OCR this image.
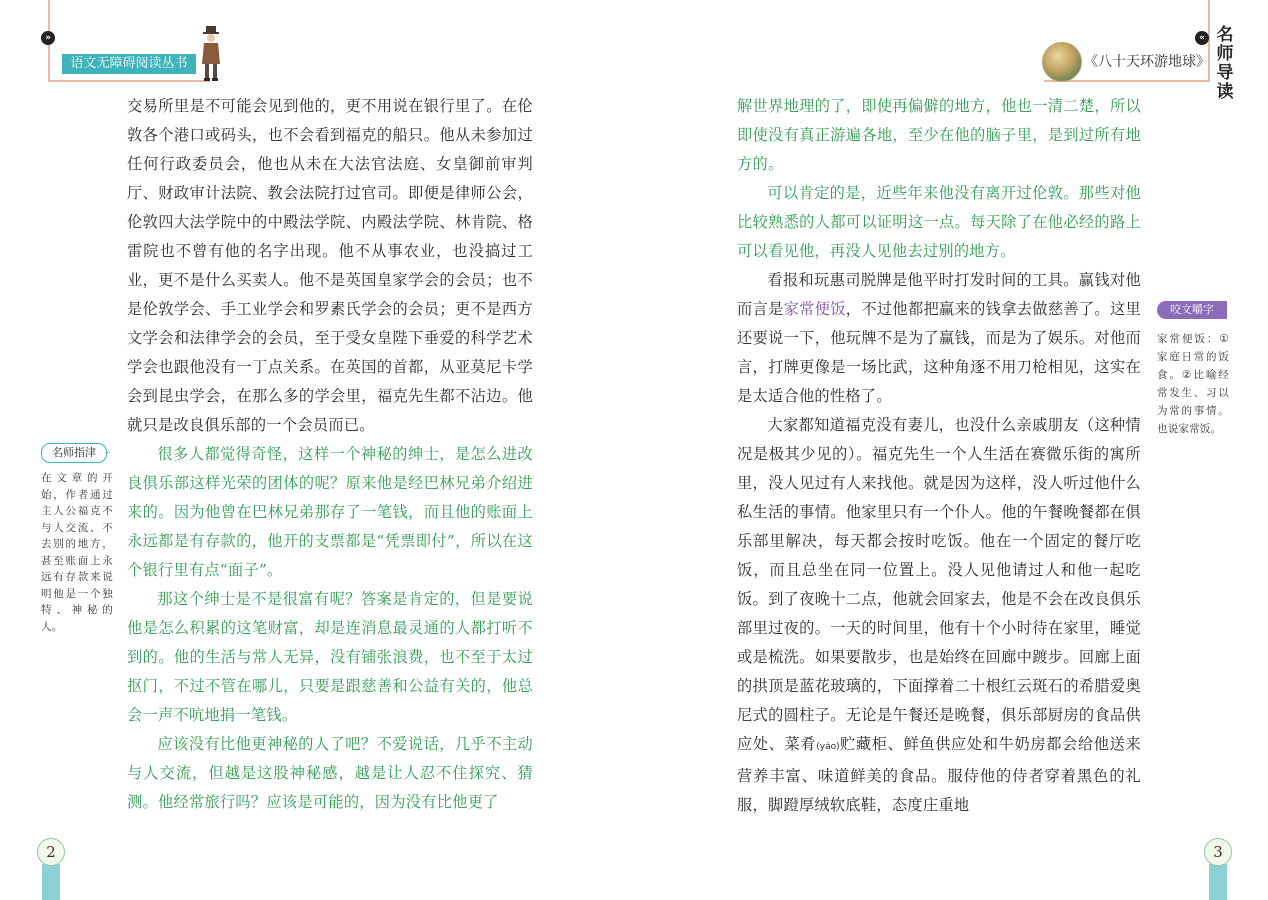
»
语文无障碍阅读丛书	《八十天环游地球》
« 名师导读

交易所里是不可能会见到他的，更不用说在银行里了。在伦敦各个港口或码头，也不会看到福克的船只。他从未参加过任何行政委员会，他也从未在大法官法庭、女皇御前审判厅、财政审计法院、教会法院打过官司。即便是律师公会，伦敦四大法学院中的中殿法学院、内殿法学院、林肯院、格雷院也不曾有他的名字出现。他不从事农业，也没搞过工业，更不是什么买卖人。他不是英国皇家学会的会员；也不是伦敦学会、手工业学会和罗素氏学会的会员；更不是西方文学会和法律学会的会员，至于受女皇陛下垂爱的科学艺术学会也跟他没有一丁点关系。在英国的首都，从亚莫尼卡学会到昆虫学会，在那么多的学会里，福克先生都不沾边。他就只是改良俱乐部的一个会员而已。

很多人都觉得奇怪，这样一个神秘的绅士，是怎么进改良俱乐部这样光荣的团体的呢？原来他是经巴林兄弟介绍进来的。因为他曾在巴林兄弟那存了一笔钱，而且他的账面上永远都是有存款的，他开的支票都是“凭票即付”，所以在这个银行里有点“面子”。

那这个绅士是不是很富有呢？答案是肯定的，但是要说他是怎么积累的这笔财富，却是连消息最灵通的人都打听不到的。他的生活与常人无异，没有铺张浪费，也不至于太过抠门，不过不管在哪儿，只要是跟慈善和公益有关的，他总会一声不吭地捐一笔钱。

应该没有比他更神秘的人了吧？不爱说话，几乎不主动与人交流，但越是这股神秘感，越是让人忍不住探究、猜测。他经常旅行吗？应该是可能的，因为没有比他更了

名师指津
在文章的开始，作者通过主人公福克不与人交流、不去别的地方，甚至账面上永远有存款来说明他是一个独特、神秘的人。

解世界地理的了，即使再偏僻的地方，他也一清二楚，所以即使没有真正游遍各地，至少在他的脑子里，是到过所有地方的。

可以肯定的是，近些年来他没有离开过伦敦。那些对他比较熟悉的人都可以证明这一点。每天除了在他必经的路上可以看见他，再没人见他去过别的地方。

看报和玩惠司脱牌是他平时打发时间的工具。赢钱对他而言是家常便饭，不过他都把赢来的钱拿去做慈善了。这里还要说一下，他玩牌不是为了赢钱，而是为了娱乐。对他而言，打牌更像是一场比武，这种角逐不用刀枪相见，这实在是太适合他的性格了。

大家都知道福克没有妻儿，也没什么亲戚朋友（这种情况是极其少见的）。福克先生一个人生活在赛微乐街的寓所里，没人见过有人来找他。就是因为这样，没人听过他什么私生活的事情。他家里只有一个仆人。他的午餐晚餐都在俱乐部里解决，每天都会按时吃饭。他在一个固定的餐厅吃饭，而且总坐在同一位置上。没人见他请过人和他一起吃饭。到了夜晚十二点，他就会回家去，他是不会在改良俱乐部里过夜的。一天的时间里，他有十个小时待在家里，睡觉或是梳洗。如果要散步，也是始终在回廊中踱步。回廊上面的拱顶是蓝花玻璃的，下面撑着二十根红云斑石的希腊爱奥尼式的圆柱子。无论是午餐还是晚餐，俱乐部厨房的食品供应处、菜肴(yáo)贮藏柜、鲜鱼供应处和牛奶房都会给他送来营养丰富、味道鲜美的食品。服侍他的侍者穿着黑色的礼服，脚蹬厚绒软底鞋，态度庄重地

咬文嚼字
家常便饭：①家庭日常的饭食。②比喻经常发生、习以为常的事情。也说家常饭。
2	3
